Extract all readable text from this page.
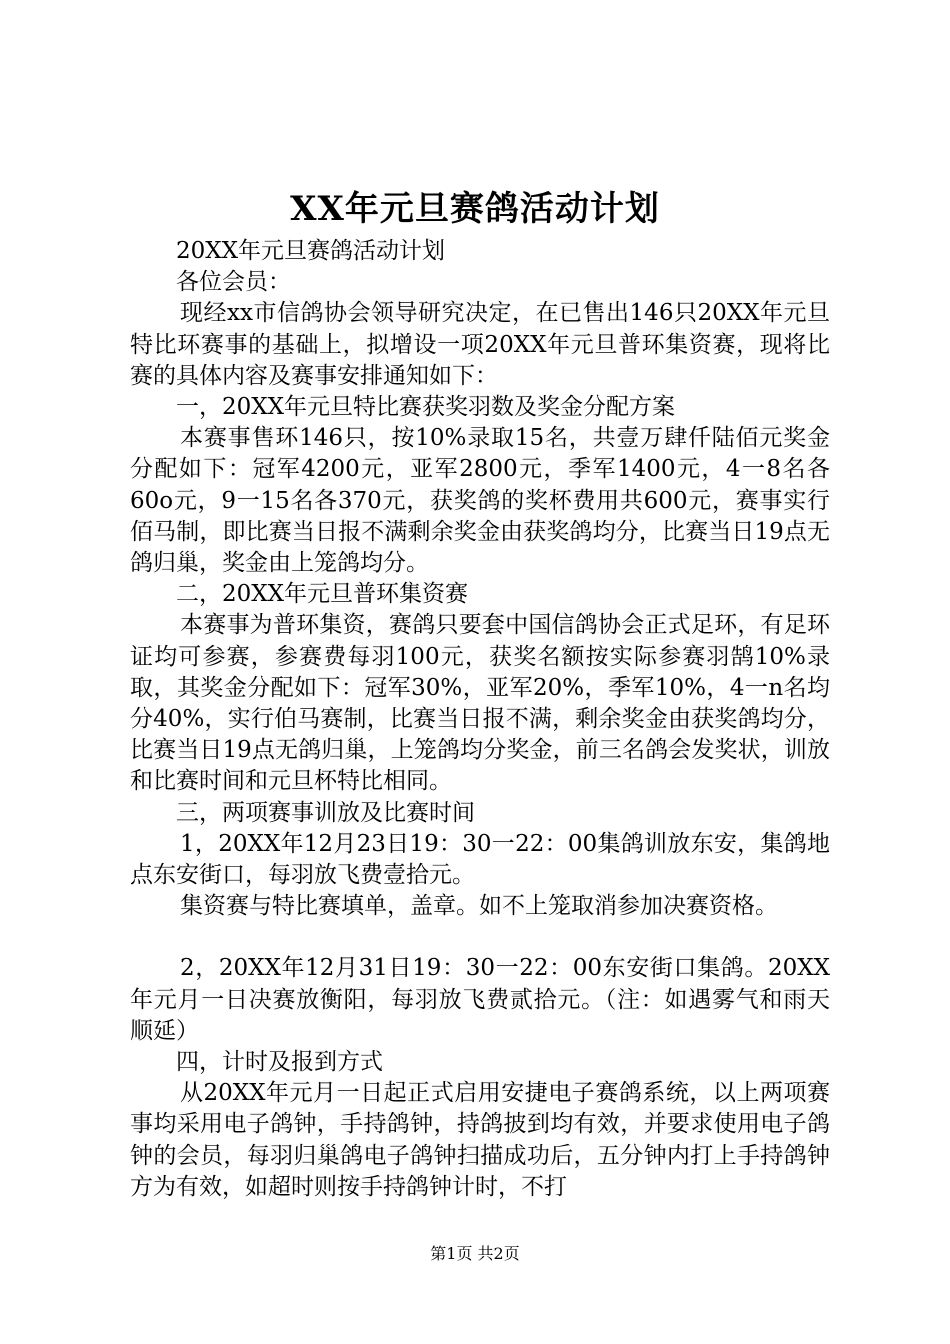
XX年元旦赛鸽活动计划

20XX年元旦赛鸽活动计划

各位会员：

现经xx市信鸽协会领导研究决定，在已售出146只20XX年元旦特比环赛事的基础上，拟增设一项20XX年元旦普环集资赛，现将比赛的具体内容及赛事安排通知如下：

一，20XX年元旦特比赛获奖羽数及奖金分配方案

本赛事售环146只，按10%录取15名，共壹万肆仟陆佰元奖金分配如下：冠军4200元，亚军2800元，季军1400元，4一8名各60o元，9一15名各370元，获奖鸽的奖杯费用共600元，赛事实行佰马制，即比赛当日报不满剩余奖金由获奖鸽均分，比赛当日19点无鸽归巢，奖金由上笼鸽均分。

二，20XX年元旦普环集资赛

本赛事为普环集资，赛鸽只要套中国信鸽协会正式足环，有足环证均可参赛，参赛费每羽100元，获奖名额按实际参赛羽鹄10%录取，其奖金分配如下：冠军30%，亚军20%，季军10%，4一n名均分40%，实行伯马赛制，比赛当日报不满，剩余奖金由获奖鸽均分，比赛当日19点无鸽归巢，上笼鸽均分奖金，前三名鸽会发奖状，训放和比赛时间和元旦杯特比相同。

三，两项赛事训放及比赛时间

1，20XX年12月23日19：30一22：00集鸽训放东安，集鸽地点东安街口，每羽放飞费壹拾元。

集资赛与特比赛填单，盖章。如不上笼取消参加决赛资格。

2，20XX年12月31日19：30一22：00东安街口集鸽。20XX年元月一日决赛放衡阳，每羽放飞费贰拾元。（注：如遇雾气和雨天顺延）

四，计时及报到方式

从20XX年元月一日起正式启用安捷电子赛鸽系统，以上两项赛事均采用电子鸽钟，手持鸽钟，持鸽披到均有效，并要求使用电子鸽钟的会员，每羽归巢鸽电子鸽钟扫描成功后，五分钟内打上手持鸽钟方为有效，如超时则按手持鸽钟计时，不打

第1页 共2页
